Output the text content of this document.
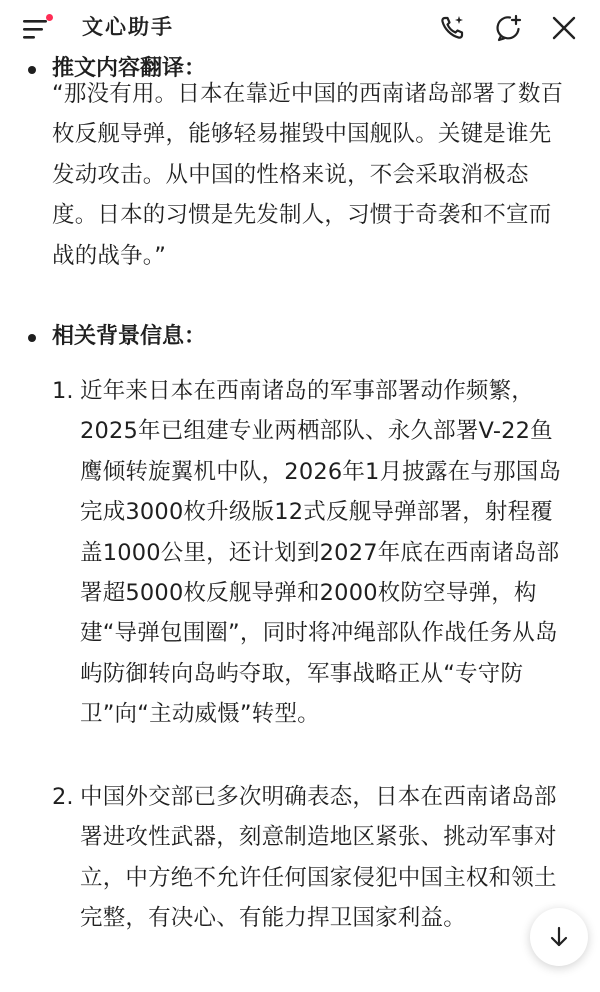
推文内容翻译：
“那没有用。日本在靠近中国的西南诸岛部署了数百枚反舰导弹，能够轻易摧毁中国舰队。关键是谁先发动攻击。从中国的性格来说，不会采取消极态度。日本的习惯是先发制人，习惯于奇袭和不宣而战的战争。”
相关背景信息：
1. 近年来日本在西南诸岛的军事部署动作频繁，2025年已组建专业两栖部队、永久部署V-22鱼鹰倾转旋翼机中队，2026年1月披露在与那国岛完成3000枚升级版12式反舰导弹部署，射程覆盖1000公里，还计划到2027年底在西南诸岛部署超5000枚反舰导弹和2000枚防空导弹，构建“导弹包围圈”，同时将冲绳部队作战任务从岛屿防御转向岛屿夺取，军事战略正从“专守防卫”向“主动威慑”转型。
2. 中国外交部已多次明确表态，日本在西南诸岛部署进攻性武器，刻意制造地区紧张、挑动军事对立，中方绝不允许任何国家侵犯中国主权和领土完整，有决心、有能力捍卫国家利益。
文心助手
